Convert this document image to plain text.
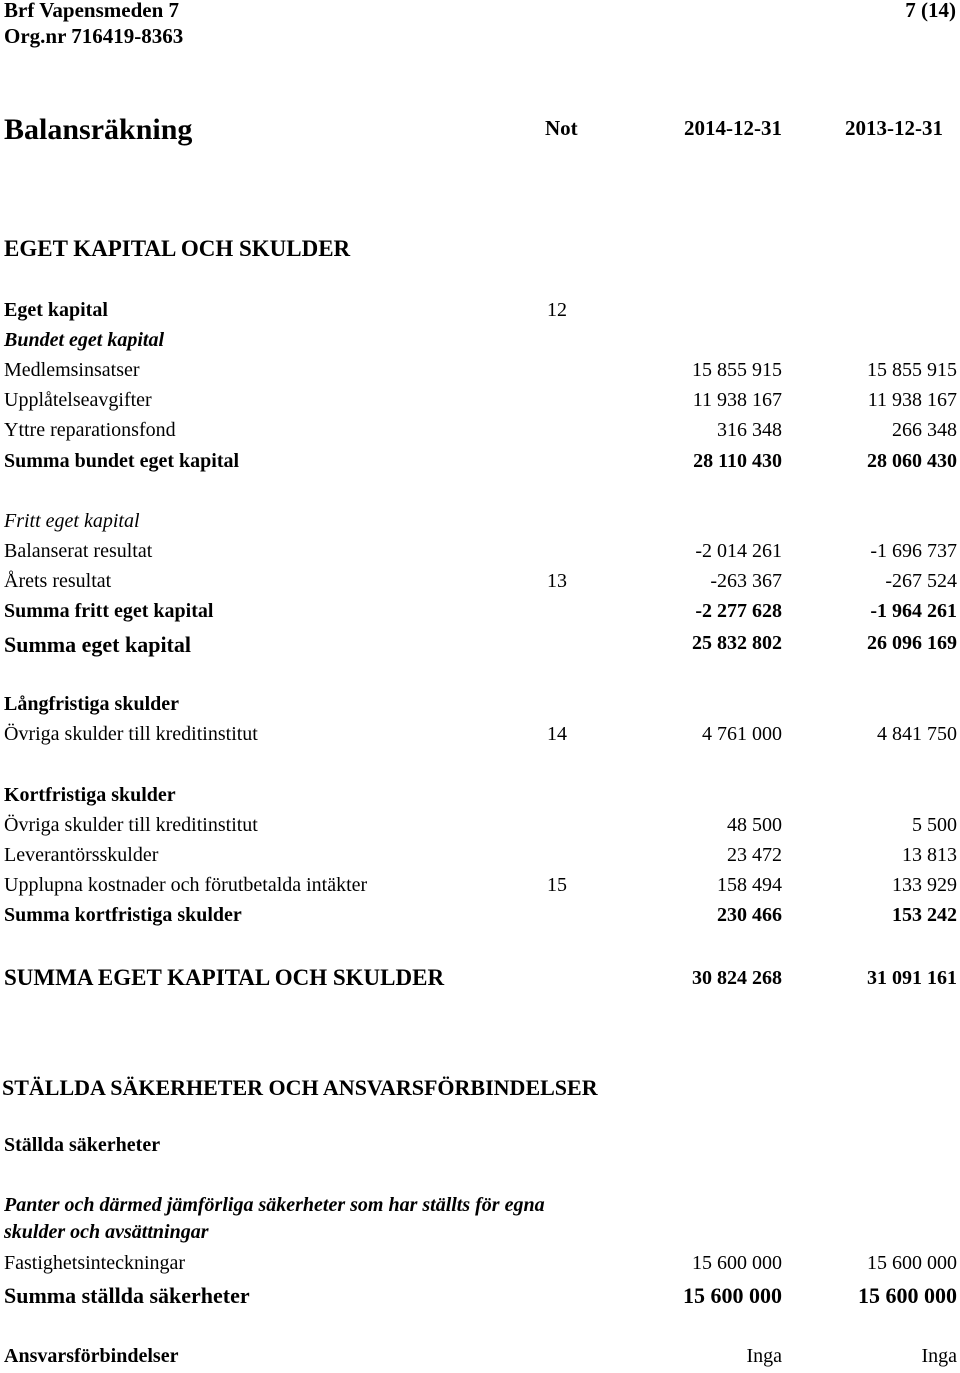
Brf Vapensmeden 7
Org.nr 716419-8363
7 (14)
Balansräkning	Not	2014-12-31	2013-12-31
EGET KAPITAL OCH SKULDER
Eget kapital	12
Bundet eget kapital
Medlemsinsatser	15 855 915	15 855 915
Upplåtelseavgifter	11 938 167	11 938 167
Yttre reparationsfond	316 348	266 348
Summa bundet eget kapital	28 110 430	28 060 430
Fritt eget kapital
Balanserat resultat	-2 014 261	-1 696 737
Årets resultat	13	-263 367	-267 524
Summa fritt eget kapital	-2 277 628	-1 964 261
Summa eget kapital	25 832 802	26 096 169
Långfristiga skulder
Övriga skulder till kreditinstitut	14	4 761 000	4 841 750
Kortfristiga skulder
Övriga skulder till kreditinstitut	48 500	5 500
Leverantörsskulder	23 472	13 813
Upplupna kostnader och förutbetalda intäkter	15	158 494	133 929
Summa kortfristiga skulder	230 466	153 242
SUMMA EGET KAPITAL OCH SKULDER	30 824 268	31 091 161
STÄLLDA SÄKERHETER OCH ANSVARSFÖRBINDELSER
Ställda säkerheter
Panter och därmed jämförliga säkerheter som har ställts för egna
skulder och avsättningar
Fastighetsinteckningar	15 600 000	15 600 000
Summa ställda säkerheter	15 600 000	15 600 000
Ansvarsförbindelser	Inga	Inga
